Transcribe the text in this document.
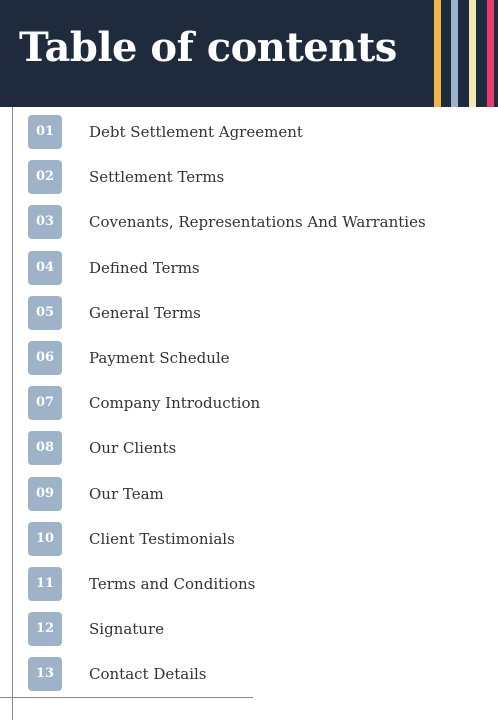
Table of contents
01	Debt Settlement Agreement
02	Settlement Terms
03	Covenants, Representations And Warranties
04	Defined Terms
05	General Terms
06	Payment Schedule
07	Company Introduction
08	Our Clients
09	Our Team
10	Client Testimonials
11	Terms and Conditions
12	Signature
13	Contact Details
